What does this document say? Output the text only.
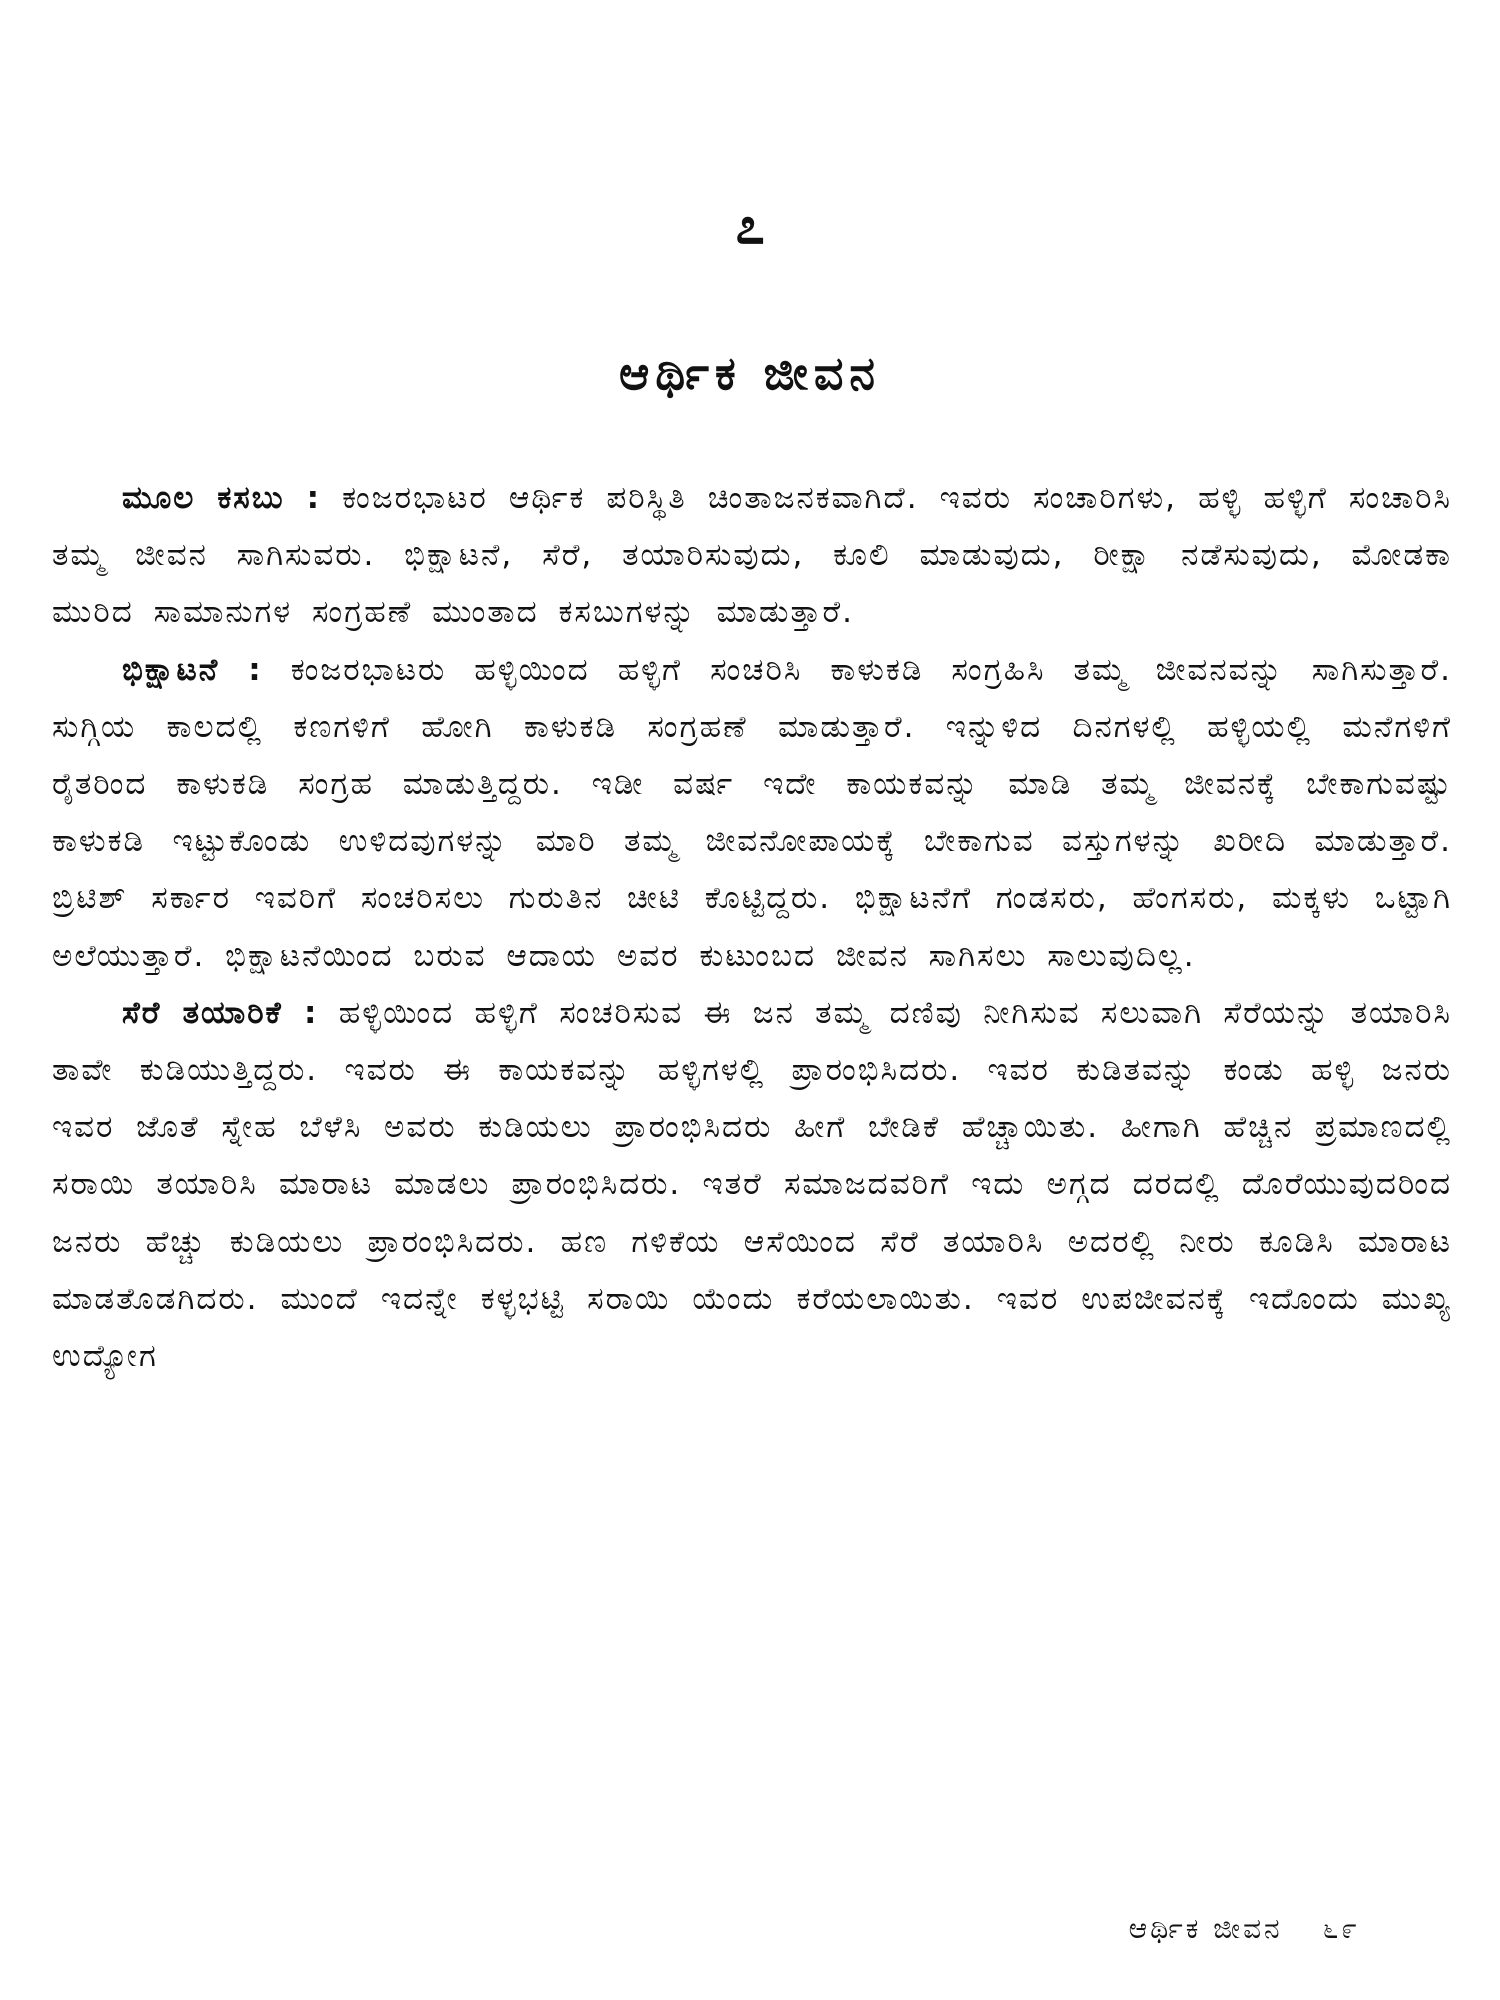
೭
ಆರ್ಥಿಕ ಜೀವನ

ಮೂಲ ಕಸಬು : ಕಂಜರಭಾಟರ ಆರ್ಥಿಕ ಪರಿಸ್ಥಿತಿ ಚಿಂತಾಜನಕವಾಗಿದೆ. ಇವರು ಸಂಚಾರಿಗಳು, ಹಳ್ಳಿ ಹಳ್ಳಿಗೆ ಸಂಚಾರಿಸಿ ತಮ್ಮ ಜೀವನ ಸಾಗಿಸುವರು. ಭಿಕ್ಷಾಟನೆ, ಸೆರೆ, ತಯಾರಿಸುವುದು, ಕೂಲಿ ಮಾಡುವುದು, ರೀಕ್ಷಾ ನಡೆಸುವುದು, ಮೋಡಕಾ ಮುರಿದ ಸಾಮಾನುಗಳ ಸಂಗ್ರಹಣೆ ಮುಂತಾದ ಕಸಬುಗಳನ್ನು ಮಾಡುತ್ತಾರೆ.

ಭಿಕ್ಷಾಟನೆ : ಕಂಜರಭಾಟರು ಹಳ್ಳಿಯಿಂದ ಹಳ್ಳಿಗೆ ಸಂಚರಿಸಿ ಕಾಳುಕಡಿ ಸಂಗ್ರಹಿಸಿ ತಮ್ಮ ಜೀವನವನ್ನು ಸಾಗಿಸುತ್ತಾರೆ. ಸುಗ್ಗಿಯ ಕಾಲದಲ್ಲಿ ಕಣಗಳಿಗೆ ಹೋಗಿ ಕಾಳುಕಡಿ ಸಂಗ್ರಹಣೆ ಮಾಡುತ್ತಾರೆ. ಇನ್ನುಳಿದ ದಿನಗಳಲ್ಲಿ ಹಳ್ಳಿಯಲ್ಲಿ ಮನೆಗಳಿಗೆ ರೈತರಿಂದ ಕಾಳುಕಡಿ ಸಂಗ್ರಹ ಮಾಡುತ್ತಿದ್ದರು. ಇಡೀ ವರ್ಷ ಇದೇ ಕಾಯಕವನ್ನು ಮಾಡಿ ತಮ್ಮ ಜೀವನಕ್ಕೆ ಬೇಕಾಗುವಷ್ಟು ಕಾಳುಕಡಿ ಇಟ್ಟುಕೊಂಡು ಉಳಿದವುಗಳನ್ನು ಮಾರಿ ತಮ್ಮ ಜೀವನೋಪಾಯಕ್ಕೆ ಬೇಕಾಗುವ ವಸ್ತುಗಳನ್ನು ಖರೀದಿ ಮಾಡುತ್ತಾರೆ. ಬ್ರಿಟಿಶ್ ಸರ್ಕಾರ ಇವರಿಗೆ ಸಂಚರಿಸಲು ಗುರುತಿನ ಚೀಟಿ ಕೊಟ್ಟಿದ್ದರು. ಭಿಕ್ಷಾಟನೆಗೆ ಗಂಡಸರು, ಹೆಂಗಸರು, ಮಕ್ಕಳು ಒಟ್ಟಾಗಿ ಅಲೆಯುತ್ತಾರೆ. ಭಿಕ್ಷಾಟನೆಯಿಂದ ಬರುವ ಆದಾಯ ಅವರ ಕುಟುಂಬದ ಜೀವನ ಸಾಗಿಸಲು ಸಾಲುವುದಿಲ್ಲ.

ಸೆರೆ ತಯಾರಿಕೆ : ಹಳ್ಳಿಯಿಂದ ಹಳ್ಳಿಗೆ ಸಂಚರಿಸುವ ಈ ಜನ ತಮ್ಮ ದಣಿವು ನೀಗಿಸುವ ಸಲುವಾಗಿ ಸೆರೆಯನ್ನು ತಯಾರಿಸಿ ತಾವೇ ಕುಡಿಯುತ್ತಿದ್ದರು. ಇವರು ಈ ಕಾಯಕವನ್ನು ಹಳ್ಳಿಗಳಲ್ಲಿ ಪ್ರಾರಂಭಿಸಿದರು. ಇವರ ಕುಡಿತವನ್ನು ಕಂಡು ಹಳ್ಳಿ ಜನರು ಇವರ ಜೊತೆ ಸ್ನೇಹ ಬೆಳೆಸಿ ಅವರು ಕುಡಿಯಲು ಪ್ರಾರಂಭಿಸಿದರು ಹೀಗೆ ಬೇಡಿಕೆ ಹೆಚ್ಚಾಯಿತು. ಹೀಗಾಗಿ ಹೆಚ್ಚಿನ ಪ್ರಮಾಣದಲ್ಲಿ ಸರಾಯಿ ತಯಾರಿಸಿ ಮಾರಾಟ ಮಾಡಲು ಪ್ರಾರಂಭಿಸಿದರು. ಇತರೆ ಸಮಾಜದವರಿಗೆ ಇದು ಅಗ್ಗದ ದರದಲ್ಲಿ ದೊರೆಯುವುದರಿಂದ ಜನರು ಹೆಚ್ಚು ಕುಡಿಯಲು ಪ್ರಾರಂಭಿಸಿದರು. ಹಣ ಗಳಿಕೆಯ ಆಸೆಯಿಂದ ಸೆರೆ ತಯಾರಿಸಿ ಅದರಲ್ಲಿ ನೀರು ಕೂಡಿಸಿ ಮಾರಾಟ ಮಾಡತೊಡಗಿದರು. ಮುಂದೆ ಇದನ್ನೇ ಕಳ್ಳಭಟ್ಟಿ ಸರಾಯಿ ಯೆಂದು ಕರೆಯಲಾಯಿತು. ಇವರ ಉಪಜೀವನಕ್ಕೆ ಇದೊಂದು ಮುಖ್ಯ ಉದ್ಯೋಗ

ಆರ್ಥಿಕ ಜೀವನ ೬೯
